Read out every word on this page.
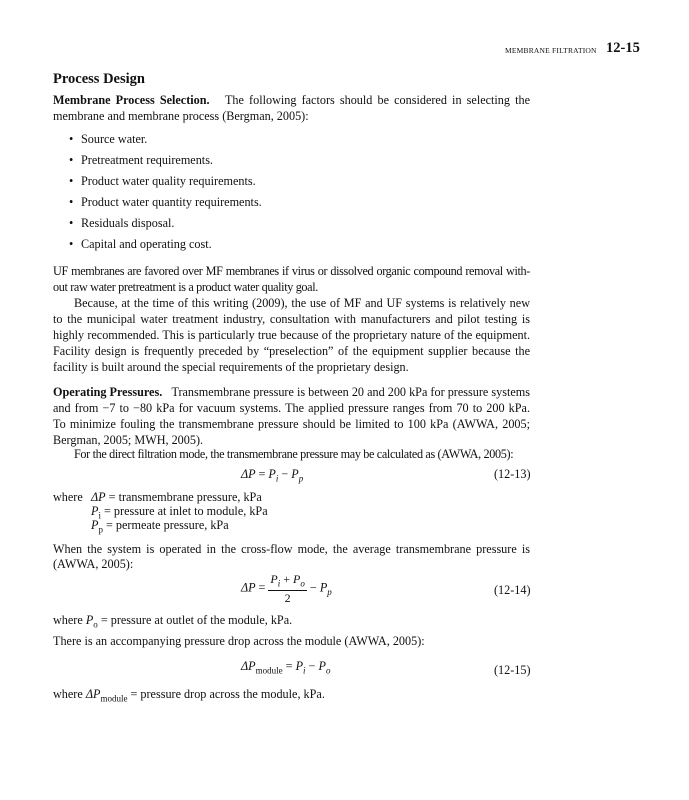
MEMBRANE FILTRATION 12-15
Process Design
Membrane Process Selection. The following factors should be considered in selecting the
membrane and membrane process (Bergman, 2005):
• Source water.
• Pretreatment requirements.
• Product water quality requirements.
• Product water quantity requirements.
• Residuals disposal.
• Capital and operating cost.
UF membranes are favored over MF membranes if virus or dissolved organic compound removal with-
out raw water pretreatment is a product water quality goal.
Because, at the time of this writing (2009), the use of MF and UF systems is relatively new
to the municipal water treatment industry, consultation with manufacturers and pilot testing is
highly recommended. This is particularly true because of the proprietary nature of the equipment.
Facility design is frequently preceded by “preselection” of the equipment supplier because the
facility is built around the special requirements of the proprietary design.
Operating Pressures. Transmembrane pressure is between 20 and 200 kPa for pressure systems
and from −7 to −80 kPa for vacuum systems. The applied pressure ranges from 70 to 200 kPa.
To minimize fouling the transmembrane pressure should be limited to 100 kPa (AWWA, 2005;
Bergman, 2005; MWH, 2005).
For the direct filtration mode, the transmembrane pressure may be calculated as (AWWA, 2005):
$\Delta P = P_i - P_p$	(12-13)
where ΔP = transmembrane pressure, kPa
$P_i$ = pressure at inlet to module, kPa
$P_p$ = permeate pressure, kPa
When the system is operated in the cross-flow mode, the average transmembrane pressure is
(AWWA, 2005):
$\Delta P = \frac{P_i + P_o}{2} - P_p$	(12-14)
where $P_o$ = pressure at outlet of the module, kPa.
There is an accompanying pressure drop across the module (AWWA, 2005):
$\Delta P_{module} = P_i - P_o$	(12-15)
where $\Delta P_{module}$ = pressure drop across the module, kPa.
